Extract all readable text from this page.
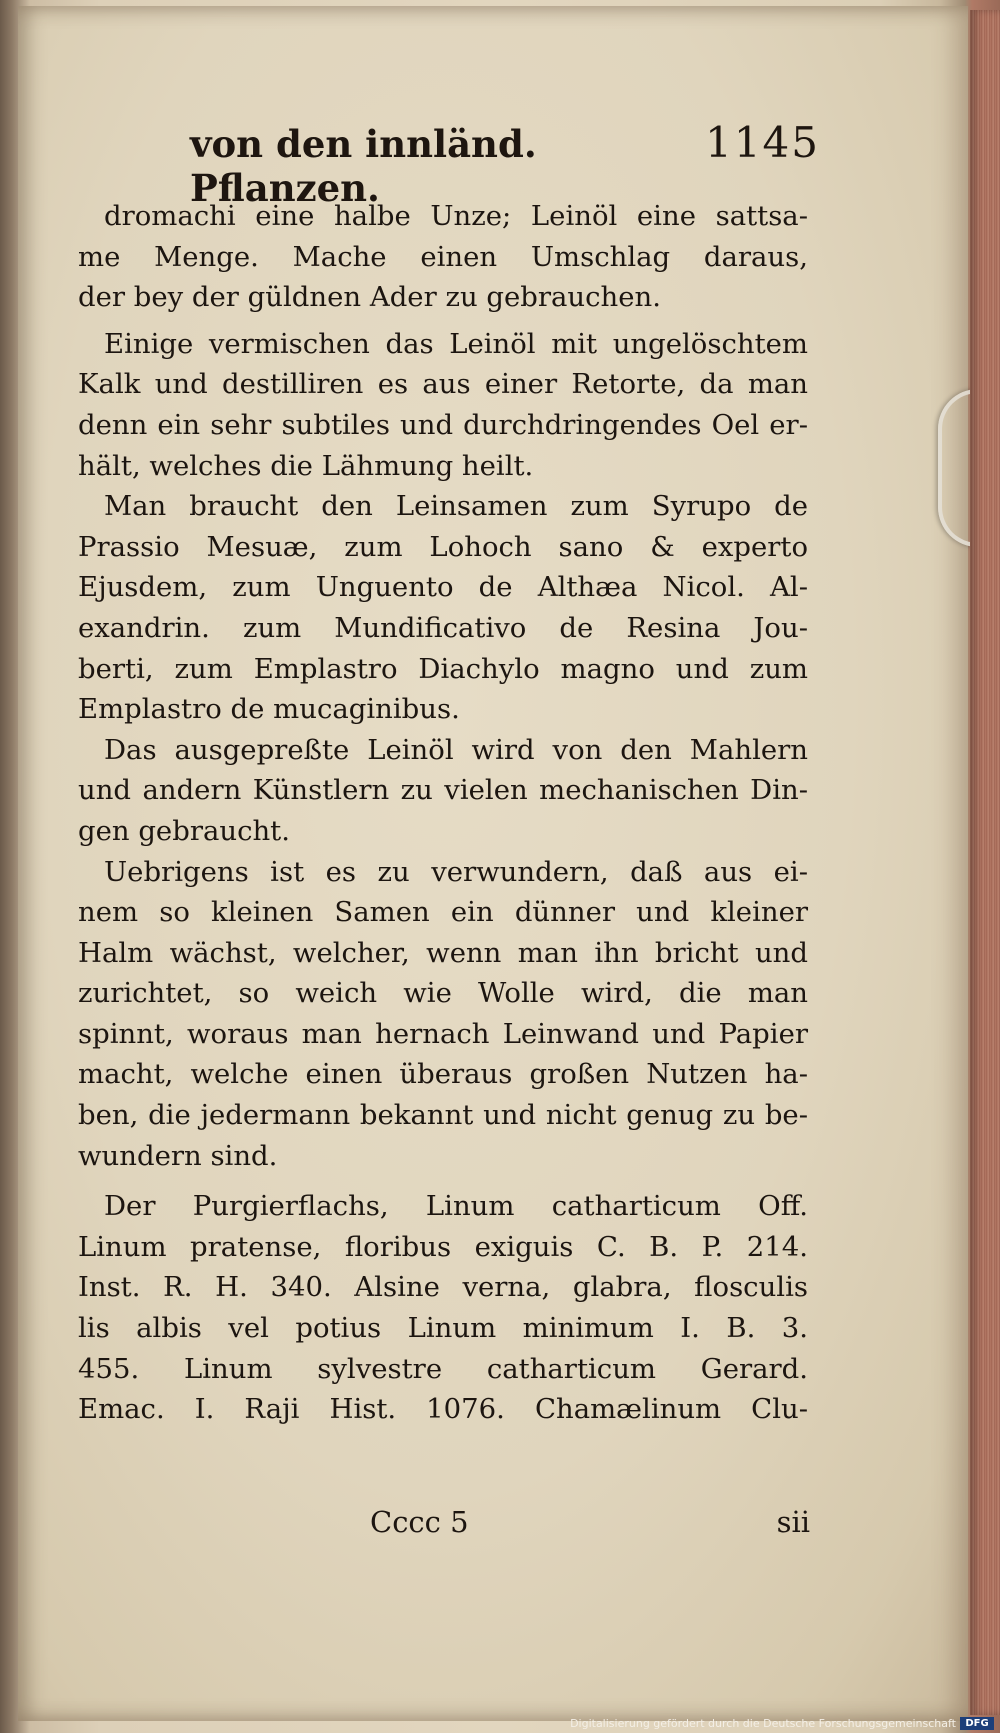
von den innländ. Pflanzen.
1145
dromachi eine halbe Unze; Leinöl eine sattsa-
me Menge. Mache einen Umschlag daraus,
der bey der güldnen Ader zu gebrauchen.
Einige vermischen das Leinöl mit ungelöschtem
Kalk und destilliren es aus einer Retorte, da man
denn ein sehr subtiles und durchdringendes Oel er-
hält, welches die Lähmung heilt.
Man braucht den Leinsamen zum Syrupo de
Prassio Mesuæ, zum Lohoch sano & experto
Ejusdem, zum Unguento de Althæa Nicol. Al-
exandrin. zum Mundificativo de Resina Jou-
berti, zum Emplastro Diachylo magno und zum
Emplastro de mucaginibus.
Das ausgepreßte Leinöl wird von den Mahlern
und andern Künstlern zu vielen mechanischen Din-
gen gebraucht.
Uebrigens ist es zu verwundern, daß aus ei-
nem so kleinen Samen ein dünner und kleiner
Halm wächst, welcher, wenn man ihn bricht und
zurichtet, so weich wie Wolle wird, die man
spinnt, woraus man hernach Leinwand und Papier
macht, welche einen überaus großen Nutzen ha-
ben, die jedermann bekannt und nicht genug zu be-
wundern sind.
Der Purgierflachs, Linum catharticum Off.
Linum pratense, floribus exiguis C. B. P. 214.
Inst. R. H. 340. Alsine verna, glabra, flosculis
lis albis vel potius Linum minimum I. B. 3.
455. Linum sylvestre catharticum Gerard.
Emac. I. Raji Hist. 1076. Chamælinum Clu-
Cccc 5	sii
Digitalisierung gefördert durch die Deutsche Forschungsgemeinschaft DFG
